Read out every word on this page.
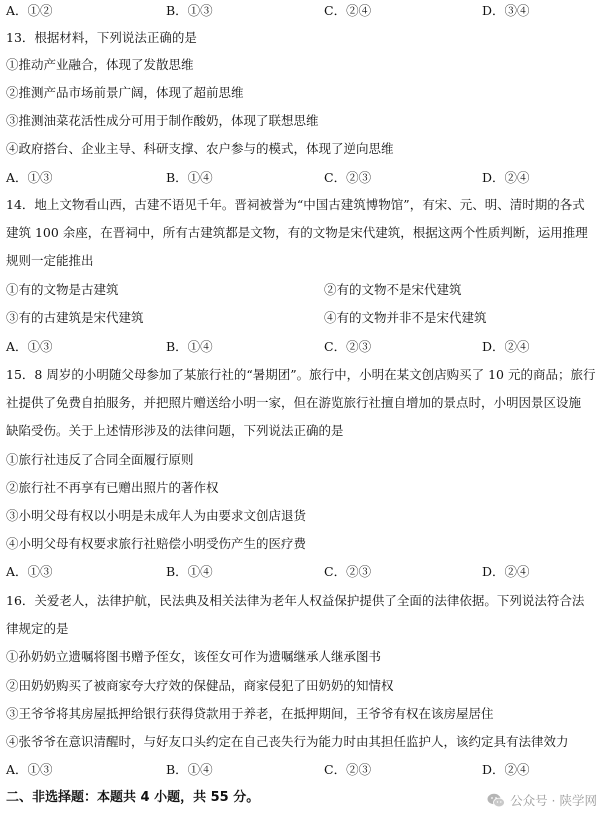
A．①②	B．①③	C．②④	D．③④
13．根据材料，下列说法正确的是
①推动产业融合，体现了发散思维
②推测产品市场前景广阔，体现了超前思维
③推测油菜花活性成分可用于制作酸奶，体现了联想思维
④政府搭台、企业主导、科研支撑、农户参与的模式，体现了逆向思维
A．①③	B．①④	C．②③	D．②④
14．地上文物看山西，古建不语见千年。晋祠被誉为“中国古建筑博物馆”，有宋、元、明、清时期的各式
建筑 100 余座，在晋祠中，所有古建筑都是文物，有的文物是宋代建筑，根据这两个性质判断，运用推理
规则一定能推出
①有的文物是古建筑	②有的文物不是宋代建筑
③有的古建筑是宋代建筑	④有的文物并非不是宋代建筑
A．①③	B．①④	C．②③	D．②④
15．8 周岁的小明随父母参加了某旅行社的“暑期团”。旅行中，小明在某文创店购买了 10 元的商品；旅行
社提供了免费自拍服务，并把照片赠送给小明一家，但在游览旅行社擅自增加的景点时，小明因景区设施
缺陷受伤。关于上述情形涉及的法律问题，下列说法正确的是
①旅行社违反了合同全面履行原则
②旅行社不再享有已赠出照片的著作权
③小明父母有权以小明是未成年人为由要求文创店退货
④小明父母有权要求旅行社赔偿小明受伤产生的医疗费
A．①③	B．①④	C．②③	D．②④
16．关爱老人，法律护航，民法典及相关法律为老年人权益保护提供了全面的法律依据。下列说法符合法
律规定的是
①孙奶奶立遗嘱将图书赠予侄女，该侄女可作为遗嘱继承人继承图书
②田奶奶购买了被商家夸大疗效的保健品，商家侵犯了田奶奶的知情权
③王爷爷将其房屋抵押给银行获得贷款用于养老，在抵押期间，王爷爷有权在该房屋居住
④张爷爷在意识清醒时，与好友口头约定在自己丧失行为能力时由其担任监护人，该约定具有法律效力
A．①③	B．①④	C．②③	D．②④
二、非选择题：本题共 4 小题，共 55 分。	公众号 · 陕学网
